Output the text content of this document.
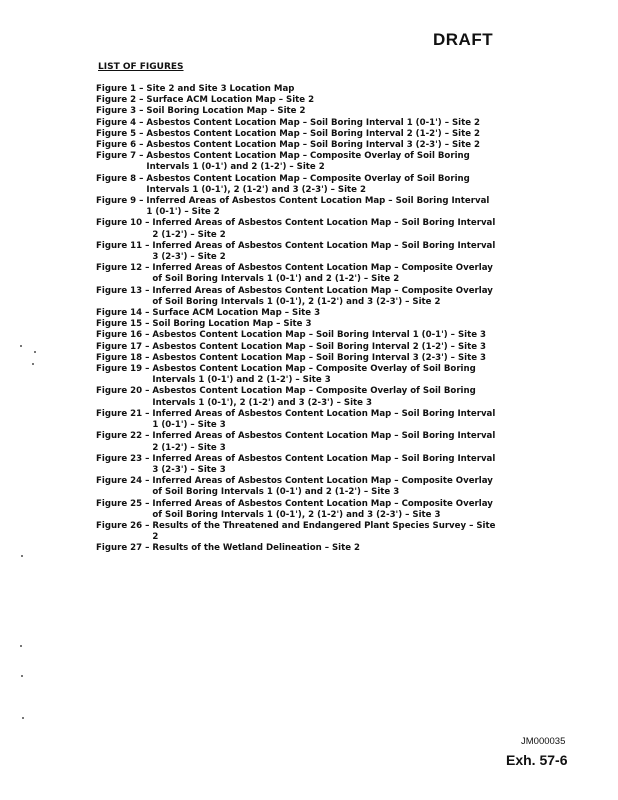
DRAFT
LIST OF FIGURES
Figure 1 – Site 2 and Site 3 Location Map
Figure 2 – Surface ACM Location Map – Site 2
Figure 3 – Soil Boring Location Map – Site 2
Figure 4 – Asbestos Content Location Map – Soil Boring Interval 1 (0-1') – Site 2
Figure 5 – Asbestos Content Location Map – Soil Boring Interval 2 (1-2') – Site 2
Figure 6 – Asbestos Content Location Map – Soil Boring Interval 3 (2-3') – Site 2
Figure 7 – Asbestos Content Location Map – Composite Overlay of Soil Boring Intervals 1 (0-1') and 2 (1-2') – Site 2
Figure 8 – Asbestos Content Location Map – Composite Overlay of Soil Boring Intervals 1 (0-1'), 2 (1-2') and 3 (2-3') – Site 2
Figure 9 – Inferred Areas of Asbestos Content Location Map – Soil Boring Interval 1 (0-1') – Site 2
Figure 10 – Inferred Areas of Asbestos Content Location Map – Soil Boring Interval 2 (1-2') – Site 2
Figure 11 – Inferred Areas of Asbestos Content Location Map – Soil Boring Interval 3 (2-3') – Site 2
Figure 12 – Inferred Areas of Asbestos Content Location Map – Composite Overlay of Soil Boring Intervals 1 (0-1') and 2 (1-2') – Site 2
Figure 13 – Inferred Areas of Asbestos Content Location Map – Composite Overlay of Soil Boring Intervals 1 (0-1'), 2 (1-2') and 3 (2-3') – Site 2
Figure 14 – Surface ACM Location Map – Site 3
Figure 15 – Soil Boring Location Map – Site 3
Figure 16 – Asbestos Content Location Map – Soil Boring Interval 1 (0-1') – Site 3
Figure 17 – Asbestos Content Location Map – Soil Boring Interval 2 (1-2') – Site 3
Figure 18 – Asbestos Content Location Map – Soil Boring Interval 3 (2-3') – Site 3
Figure 19 – Asbestos Content Location Map – Composite Overlay of Soil Boring Intervals 1 (0-1') and 2 (1-2') – Site 3
Figure 20 – Asbestos Content Location Map – Composite Overlay of Soil Boring Intervals 1 (0-1'), 2 (1-2') and 3 (2-3') – Site 3
Figure 21 – Inferred Areas of Asbestos Content Location Map – Soil Boring Interval 1 (0-1') – Site 3
Figure 22 – Inferred Areas of Asbestos Content Location Map – Soil Boring Interval 2 (1-2') – Site 3
Figure 23 – Inferred Areas of Asbestos Content Location Map – Soil Boring Interval 3 (2-3') – Site 3
Figure 24 – Inferred Areas of Asbestos Content Location Map – Composite Overlay of Soil Boring Intervals 1 (0-1') and 2 (1-2') – Site 3
Figure 25 – Inferred Areas of Asbestos Content Location Map – Composite Overlay of Soil Boring Intervals 1 (0-1'), 2 (1-2') and 3 (2-3') – Site 3
Figure 26 – Results of the Threatened and Endangered Plant Species Survey – Site 2
Figure 27 – Results of the Wetland Delineation – Site 2
JM000035
Exh. 57-6
